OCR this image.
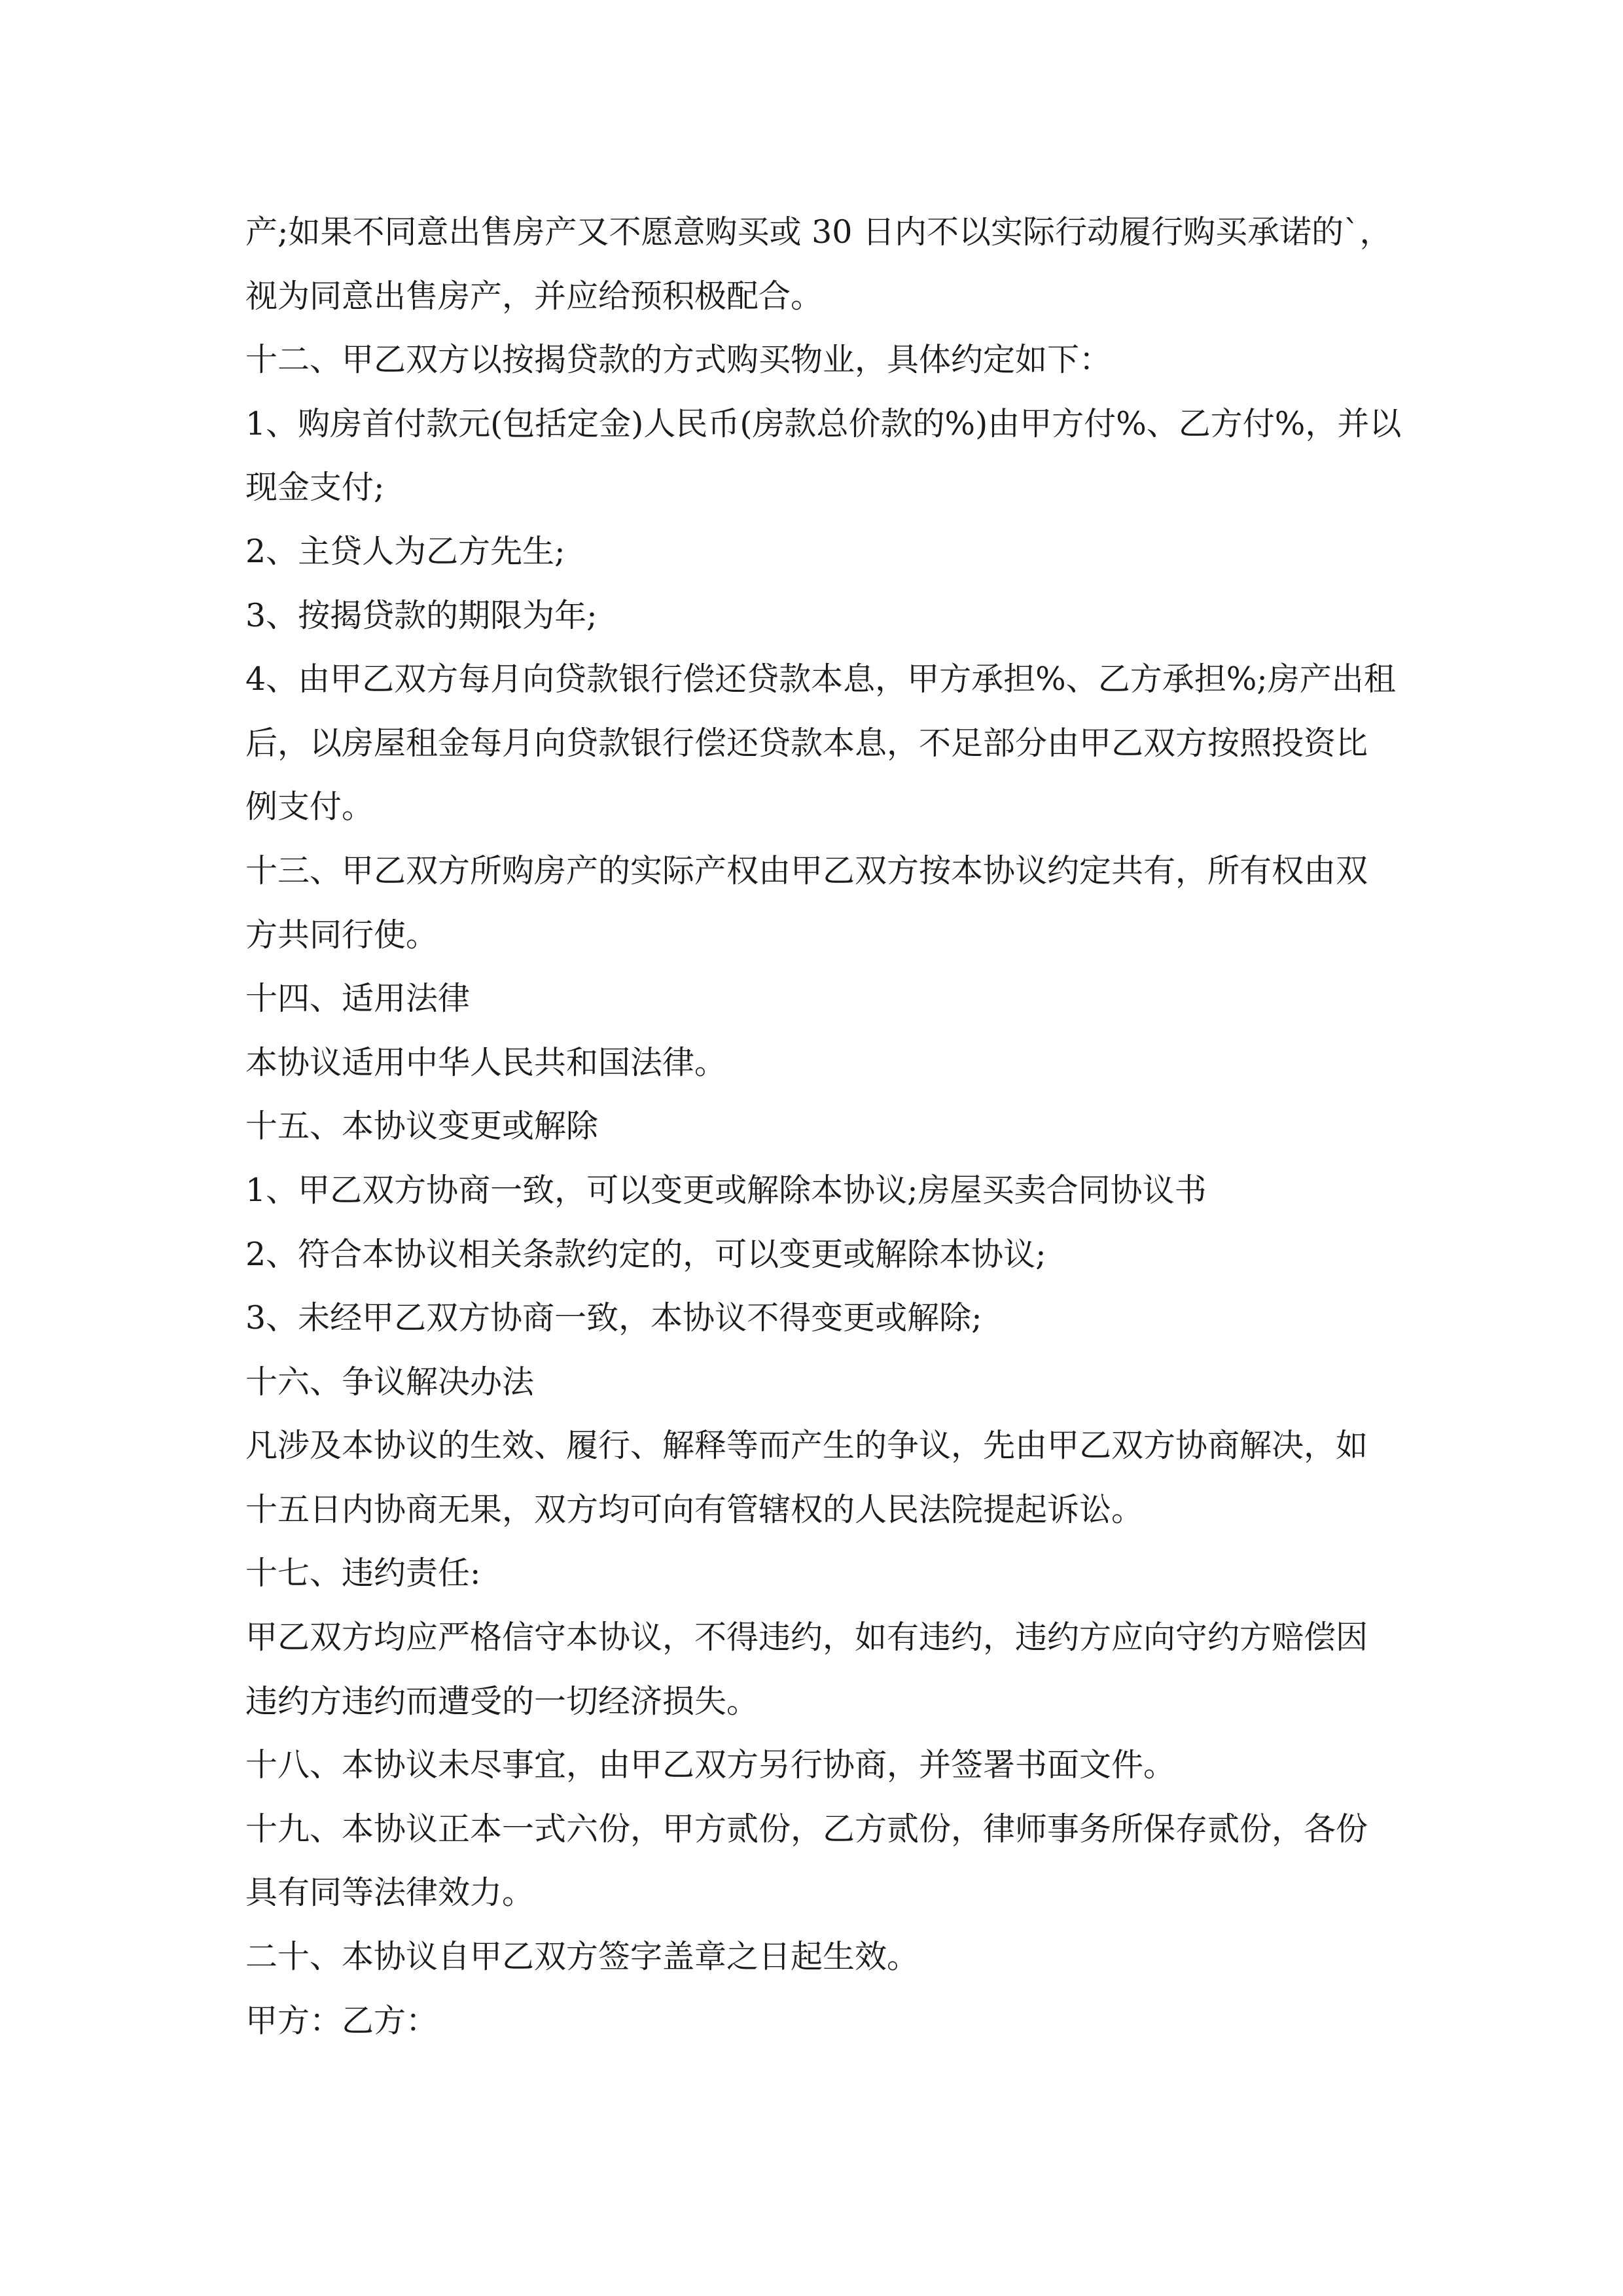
产;如果不同意出售房产又不愿意购买或 30 日内不以实际行动履行购买承诺的`，
视为同意出售房产，并应给预积极配合。
十二、甲乙双方以按揭贷款的方式购买物业，具体约定如下：
1、购房首付款元(包括定金)人民币(房款总价款的%)由甲方付%、乙方付%，并以
现金支付;
2、主贷人为乙方先生;
3、按揭贷款的期限为年;
4、由甲乙双方每月向贷款银行偿还贷款本息，甲方承担%、乙方承担%;房产出租
后，以房屋租金每月向贷款银行偿还贷款本息，不足部分由甲乙双方按照投资比
例支付。
十三、甲乙双方所购房产的实际产权由甲乙双方按本协议约定共有，所有权由双
方共同行使。
十四、适用法律
本协议适用中华人民共和国法律。
十五、本协议变更或解除
1、甲乙双方协商一致，可以变更或解除本协议;房屋买卖合同协议书
2、符合本协议相关条款约定的，可以变更或解除本协议;
3、未经甲乙双方协商一致，本协议不得变更或解除;
十六、争议解决办法
凡涉及本协议的生效、履行、解释等而产生的争议，先由甲乙双方协商解决，如
十五日内协商无果，双方均可向有管辖权的人民法院提起诉讼。
十七、违约责任:
甲乙双方均应严格信守本协议，不得违约，如有违约，违约方应向守约方赔偿因
违约方违约而遭受的一切经济损失。
十八、本协议未尽事宜，由甲乙双方另行协商，并签署书面文件。
十九、本协议正本一式六份，甲方贰份，乙方贰份，律师事务所保存贰份，各份
具有同等法律效力。
二十、本协议自甲乙双方签字盖章之日起生效。
甲方：乙方：
